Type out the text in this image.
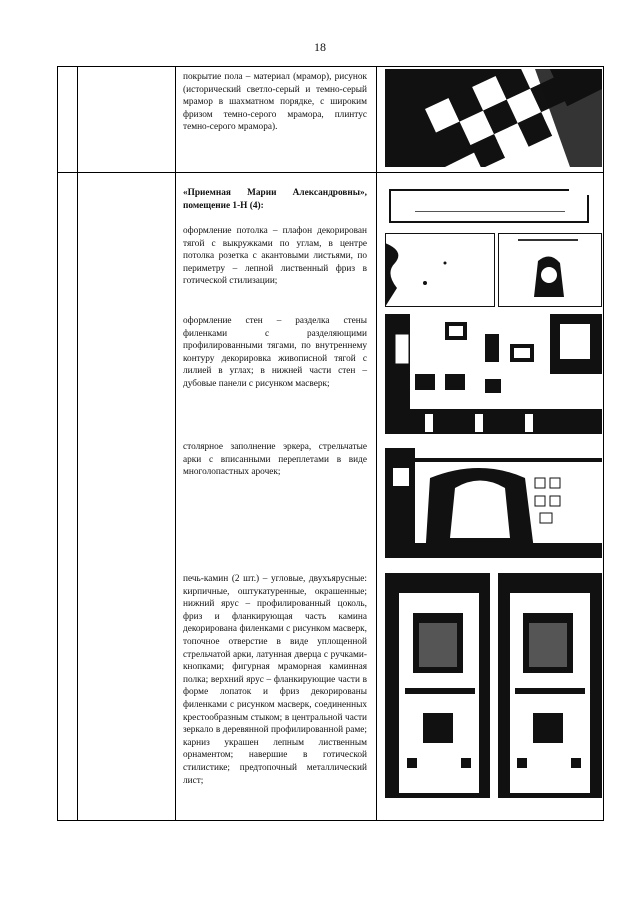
18
покрытие пола – материал (мрамор), рисунок (исторический светло-серый и темно-серый мрамор в шахматном порядке, с широким фризом темно-серого мрамора, плинтус темно-серого мрамора).
«Приемная Марии Александровны», помещение 1-Н (4):
оформление потолка – плафон декорирован тягой с выкружками по углам, в центре потолка розетка с акантовыми листьями, по периметру – лепной лиственный фриз в готической стилизации;
оформление стен – разделка стены филенками с разделяющими профилированными тягами, по внутреннему контуру декорировка живописной тягой с лилией в углах; в нижней части стен – дубовые панели с рисунком масверк;
столярное заполнение эркера, стрельчатые арки с вписанными переплетами в виде многолопастных арочек;
печь-камин (2 шт.) – угловые, двухъярусные: кирпичные, оштукатуренные, окрашенные; нижний ярус – профилированный цоколь, фриз и фланкирующая часть камина декорирована филенками с рисунком масверк, топочное отверстие в виде уплощенной стрельчатой арки, латунная дверца с ручками-кнопками; фигурная мраморная каминная полка; верхний ярус – фланкирующие части в форме лопаток и фриз декорированы филенками с рисунком масверк, соединенных крестообразным стыком; в центральной части зеркало в деревянной профилированной раме; карниз украшен лепным лиственным орнаментом; навершие в готической стилистике; предтопочный металлический лист;
